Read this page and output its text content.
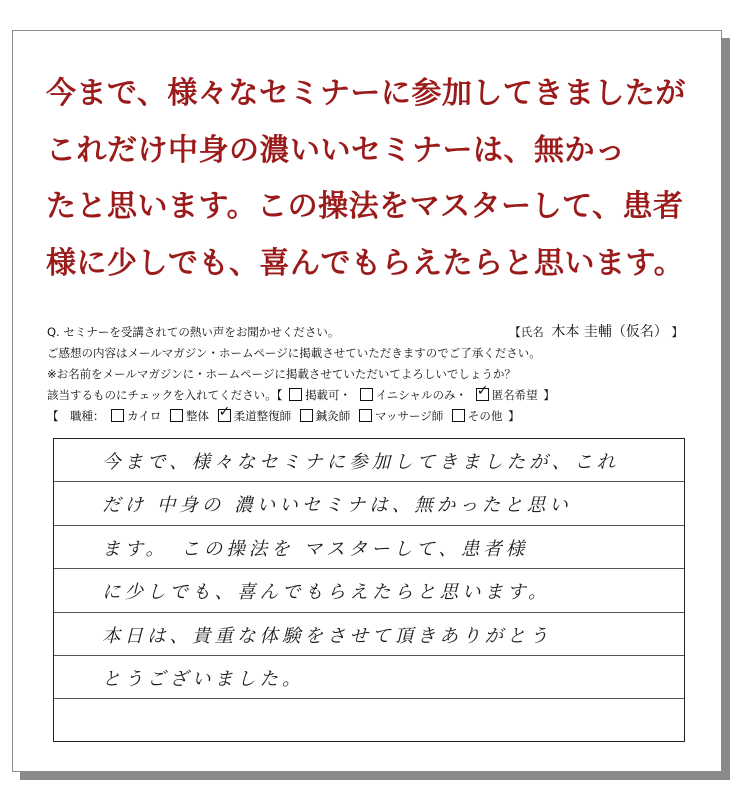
今まで、様々なセミナーに参加してきましたが
これだけ中身の濃いいセミナーは、無かっ
たと思います。この操法をマスターして、患者
様に少しでも、喜んでもらえたらと思います。
Q. セミナーを受講されての熱い声をお聞かせください。	【氏名 木本 圭輔（仮名） 】
ご感想の内容はメールマガジン・ホームページに掲載させていただきますのでご了承ください。
※お名前をメールマガジンに・ホームページに掲載させていただいてよろしいでしょうか？
該当するものにチェックを入れてください。【 掲載可・ イニシャルのみ・ ✓ 匿名希望 】
【　職種： カイロ 整体 ✓ 柔道整復師 鍼灸師 マッサージ師 その他 】
今まで、様々なセミナに参加してきましたが、これ
だけ 中身の 濃いいセミナは、無かったと思い
ます。　この操法を マスターして、患者様
に少しでも、喜んでもらえたらと思います。
本日は、貴重な体験をさせて頂きありがとう
とうございました。
